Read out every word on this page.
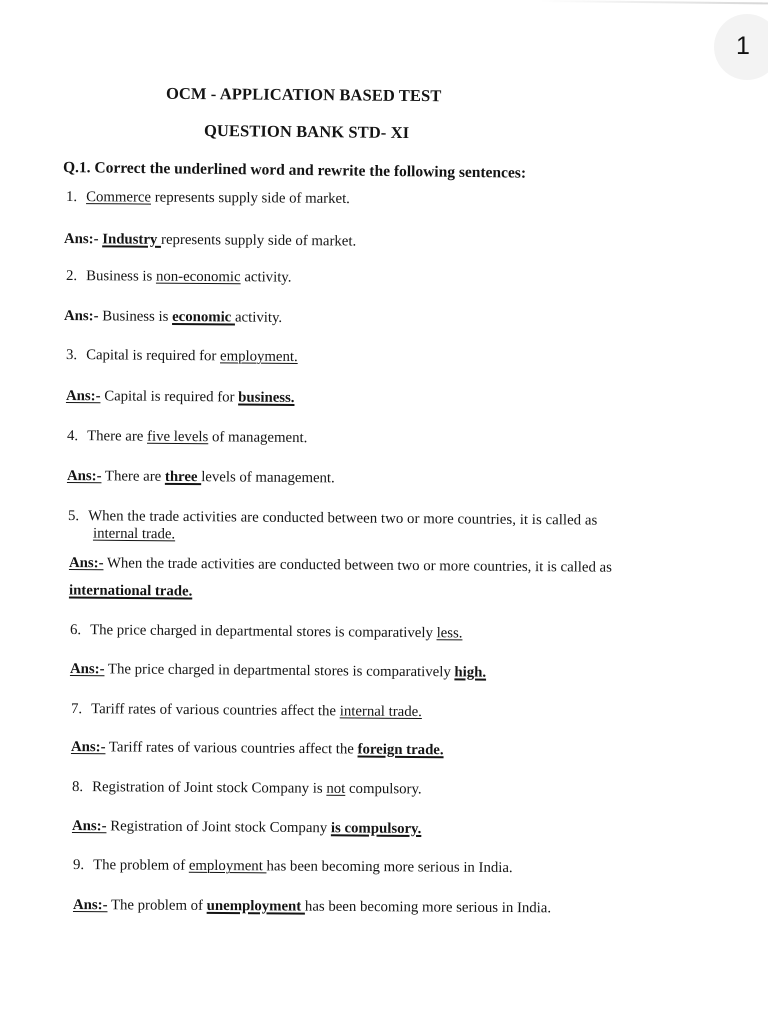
1
OCM - APPLICATION BASED TEST
QUESTION BANK STD- XI
Q.1. Correct the underlined word and rewrite the following sentences:
1. Commerce represents supply side of market.
Ans:- Industry represents supply side of market.
2. Business is non-economic activity.
Ans:- Business is economic activity.
3. Capital is required for employment.
Ans:- Capital is required for business.
4. There are five levels of management.
Ans:- There are three levels of management.
5. When the trade activities are conducted between two or more countries, it is called as
internal trade.
Ans:- When the trade activities are conducted between two or more countries, it is called as
international trade.
6. The price charged in departmental stores is comparatively less.
Ans:- The price charged in departmental stores is comparatively high.
7. Tariff rates of various countries affect the internal trade.
Ans:- Tariff rates of various countries affect the foreign trade.
8. Registration of Joint stock Company is not compulsory.
Ans:- Registration of Joint stock Company is compulsory.
9. The problem of employment has been becoming more serious in India.
Ans:- The problem of unemployment has been becoming more serious in India.
